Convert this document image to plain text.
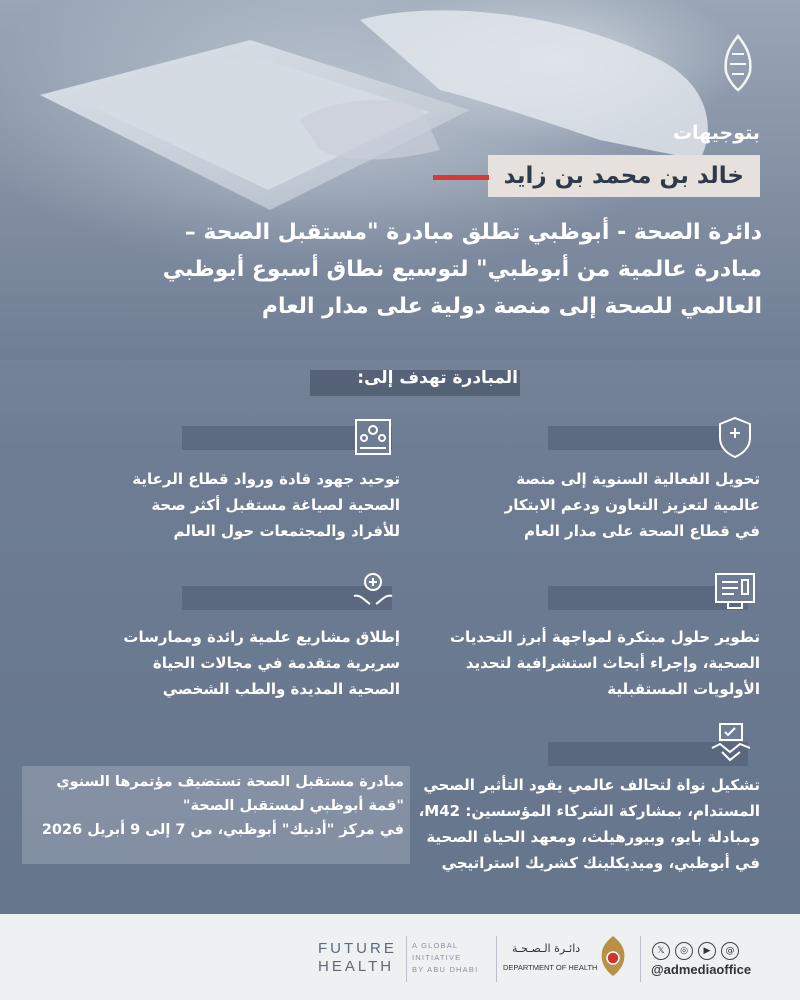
بتوجيهات
خالد بن محمد بن زايد
دائرة الصحة - أبوظبي تطلق مبادرة "مستقبل الصحة –
مبادرة عالمية من أبوظبي" لتوسيع نطاق أسبوع أبوظبي
العالمي للصحة إلى منصة دولية على مدار العام
المبادرة تهدف إلى:
تحويل الفعالية السنوية إلى منصة
عالمية لتعزيز التعاون ودعم الابتكار
في قطاع الصحة على مدار العام
توحيد جهود قادة ورواد قطاع الرعاية
الصحية لصياغة مستقبل أكثر صحة
للأفراد والمجتمعات حول العالم
تطوير حلول مبتكرة لمواجهة أبرز التحديات
الصحية، وإجراء أبحاث استشرافية لتحديد
الأولويات المستقبلية
إطلاق مشاريع علمية رائدة وممارسات
سريرية متقدمة في مجالات الحياة
الصحية المديدة والطب الشخصي
تشكيل نواة لتحالف عالمي يقود التأثير الصحي
المستدام، بمشاركة الشركاء المؤسسين: M42،
ومبادلة بايو، وبيورهيلث، ومعهد الحياة الصحية
في أبوظبي، وميديكلينك كشريك استراتيجي
مبادرة مستقبل الصحة تستضيف مؤتمرها السنوي
"قمة أبوظبي لمستقبل الصحة"
في مركز "أدنيك" أبوظبي، من 7 إلى 9 أبريل 2026
FUTURE
HEALTH
A GLOBAL
INITIATIVE
BY ABU DHABI
دائـرة الـصـحـة
DEPARTMENT OF HEALTH
𝕏 ◎ ▶ @
@admediaoffice
